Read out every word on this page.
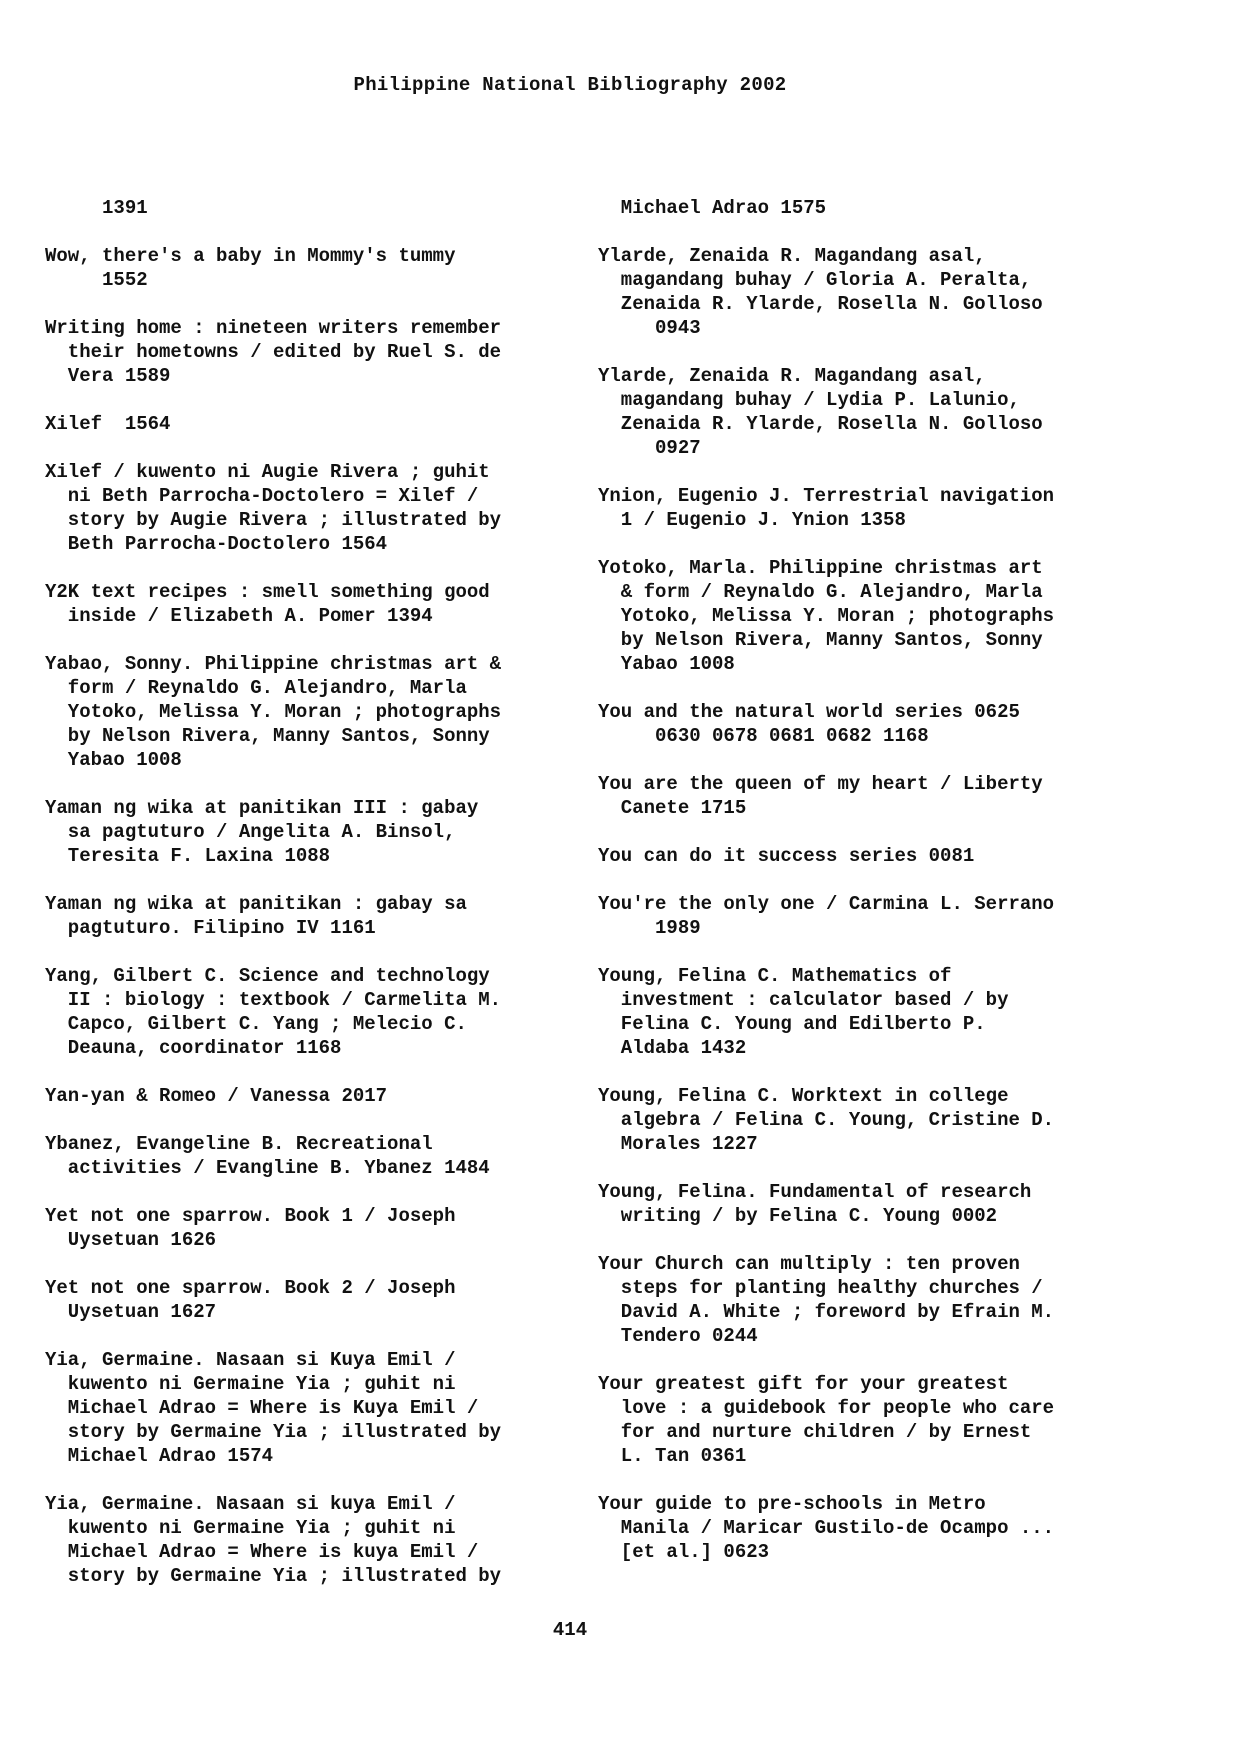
Philippine National Bibliography 2002
1391
Wow, there's a baby in Mommy's tummy
1552
Writing home : nineteen writers remember
their hometowns / edited by Ruel S. de
Vera 1589
Xilef  1564
Xilef / kuwento ni Augie Rivera ; guhit
ni Beth Parrocha-Doctolero = Xilef /
story by Augie Rivera ; illustrated by
Beth Parrocha-Doctolero 1564
Y2K text recipes : smell something good
inside / Elizabeth A. Pomer 1394
Yabao, Sonny. Philippine christmas art &
form / Reynaldo G. Alejandro, Marla
Yotoko, Melissa Y. Moran ; photographs
by Nelson Rivera, Manny Santos, Sonny
Yabao 1008
Yaman ng wika at panitikan III : gabay
sa pagtuturo / Angelita A. Binsol,
Teresita F. Laxina 1088
Yaman ng wika at panitikan : gabay sa
pagtuturo. Filipino IV 1161
Yang, Gilbert C. Science and technology
II : biology : textbook / Carmelita M.
Capco, Gilbert C. Yang ; Melecio C.
Deauna, coordinator 1168
Yan-yan & Romeo / Vanessa 2017
Ybanez, Evangeline B. Recreational
activities / Evangline B. Ybanez 1484
Yet not one sparrow. Book 1 / Joseph
Uysetuan 1626
Yet not one sparrow. Book 2 / Joseph
Uysetuan 1627
Yia, Germaine. Nasaan si Kuya Emil /
kuwento ni Germaine Yia ; guhit ni
Michael Adrao = Where is Kuya Emil /
story by Germaine Yia ; illustrated by
Michael Adrao 1574
Yia, Germaine. Nasaan si kuya Emil /
kuwento ni Germaine Yia ; guhit ni
Michael Adrao = Where is kuya Emil /
story by Germaine Yia ; illustrated by
Michael Adrao 1575
Ylarde, Zenaida R. Magandang asal,
magandang buhay / Gloria A. Peralta,
Zenaida R. Ylarde, Rosella N. Golloso
0943
Ylarde, Zenaida R. Magandang asal,
magandang buhay / Lydia P. Lalunio,
Zenaida R. Ylarde, Rosella N. Golloso
0927
Ynion, Eugenio J. Terrestrial navigation
1 / Eugenio J. Ynion 1358
Yotoko, Marla. Philippine christmas art
& form / Reynaldo G. Alejandro, Marla
Yotoko, Melissa Y. Moran ; photographs
by Nelson Rivera, Manny Santos, Sonny
Yabao 1008
You and the natural world series 0625
0630 0678 0681 0682 1168
You are the queen of my heart / Liberty
Canete 1715
You can do it success series 0081
You're the only one / Carmina L. Serrano
1989
Young, Felina C. Mathematics of
investment : calculator based / by
Felina C. Young and Edilberto P.
Aldaba 1432
Young, Felina C. Worktext in college
algebra / Felina C. Young, Cristine D.
Morales 1227
Young, Felina. Fundamental of research
writing / by Felina C. Young 0002
Your Church can multiply : ten proven
steps for planting healthy churches /
David A. White ; foreword by Efrain M.
Tendero 0244
Your greatest gift for your greatest
love : a guidebook for people who care
for and nurture children / by Ernest
L. Tan 0361
Your guide to pre-schools in Metro
Manila / Maricar Gustilo-de Ocampo ...
[et al.] 0623
414
